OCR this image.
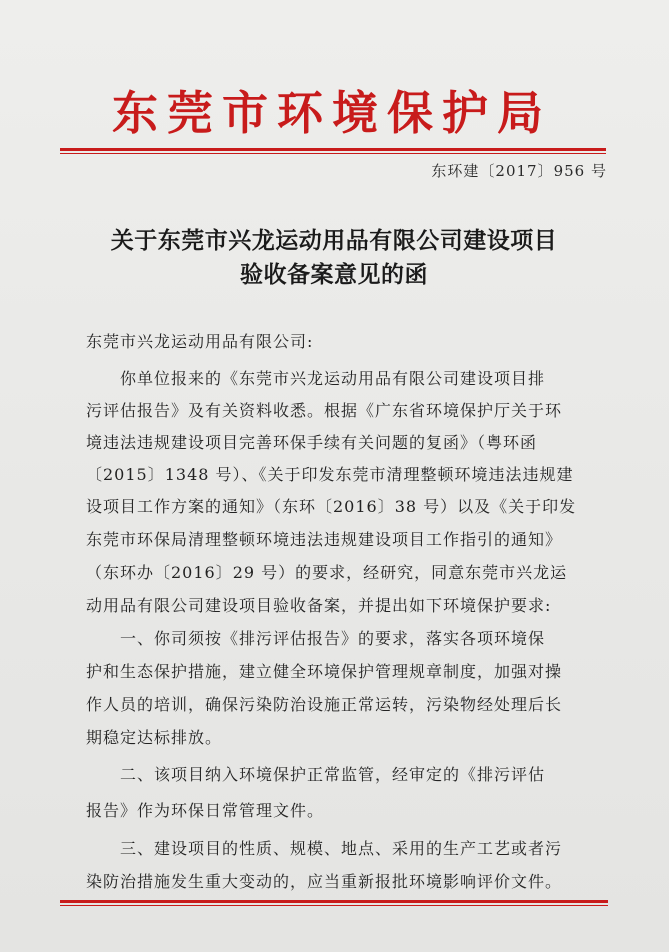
东莞市环境保护局
东环建〔2017〕956 号
关于东莞市兴龙运动用品有限公司建设项目
验收备案意见的函
东莞市兴龙运动用品有限公司:
　　你单位报来的《东莞市兴龙运动用品有限公司建设项目排
污评估报告》及有关资料收悉。根据《广东省环境保护厅关于环
境违法违规建设项目完善环保手续有关问题的复函》（粤环函
〔2015〕1348 号）、《关于印发东莞市清理整顿环境违法违规建
设项目工作方案的通知》（东环〔2016〕38 号）以及《关于印发
东莞市环保局清理整顿环境违法违规建设项目工作指引的通知》
（东环办〔2016〕29 号）的要求，经研究，同意东莞市兴龙运
动用品有限公司建设项目验收备案，并提出如下环境保护要求:
　　一、你司须按《排污评估报告》的要求，落实各项环境保
护和生态保护措施，建立健全环境保护管理规章制度，加强对操
作人员的培训，确保污染防治设施正常运转，污染物经处理后长
期稳定达标排放。
　　二、该项目纳入环境保护正常监管，经审定的《排污评估
报告》作为环保日常管理文件。
　　三、建设项目的性质、规模、地点、采用的生产工艺或者污
染防治措施发生重大变动的，应当重新报批环境影响评价文件。
